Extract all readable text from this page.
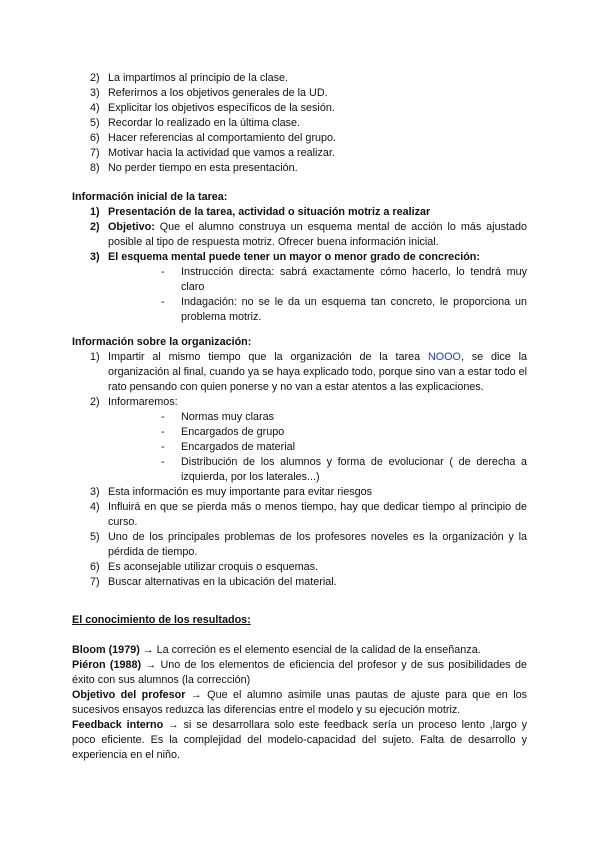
2) La impartimos al principio de la clase.
3) Referirnos a los objetivos generales de la UD.
4) Explicitar los objetivos específicos de la sesión.
5) Recordar lo realizado en la última clase.
6) Hacer referencias al comportamiento del grupo.
7) Motivar hacia la actividad que vamos a realizar.
8) No perder tiempo en esta presentación.

Información inicial de la tarea:

1) Presentación de la tarea, actividad o situación motriz a realizar
2) Objetivo: Que el alumno construya un esquema mental de acción lo más ajustado posible al tipo de respuesta motriz. Ofrecer buena información inicial.
3) El esquema mental puede tener un mayor o menor grado de concreción:
- Instrucción directa: sabrá exactamente cómo hacerlo, lo tendrá muy claro
- Indagación: no se le da un esquema tan concreto, le proporciona un problema motriz.

Información sobre la organización:

1) Impartir al mismo tiempo que la organización de la tarea NOOO, se dice la organización al final, cuando ya se haya explicado todo, porque sino van a estar todo el rato pensando con quien ponerse y no van a estar atentos a las explicaciones.
2) Informaremos:
- Normas muy claras
- Encargados de grupo
- Encargados de material
- Distribución de los alumnos y forma de evolucionar ( de derecha a izquierda, por los laterales...)
3) Esta información es muy importante para evitar riesgos
4) Influirá en que se pierda más o menos tiempo, hay que dedicar tiempo al principio de curso.
5) Uno de los principales problemas de los profesores noveles es la organización y la pérdida de tiempo.
6) Es aconsejable utilizar croquis o esquemas.
7) Buscar alternativas en la ubicación del material.

El conocimiento de los resultados:

Bloom (1979) → La correción es el elemento esencial de la calidad de la enseñanza.

Piéron (1988) → Uno de los elementos de eficiencia del profesor y de sus posibilidades de éxito con sus alumnos (la corrección)

Objetivo del profesor → Que el alumno asimile unas pautas de ajuste para que en los sucesivos ensayos reduzca las diferencias entre el modelo y su ejecución motriz.

Feedback interno → si se desarrollara solo este feedback sería un proceso lento ,largo y poco eficiente. Es la complejidad del modelo-capacidad del sujeto. Falta de desarrollo y experiencia en el niño.
